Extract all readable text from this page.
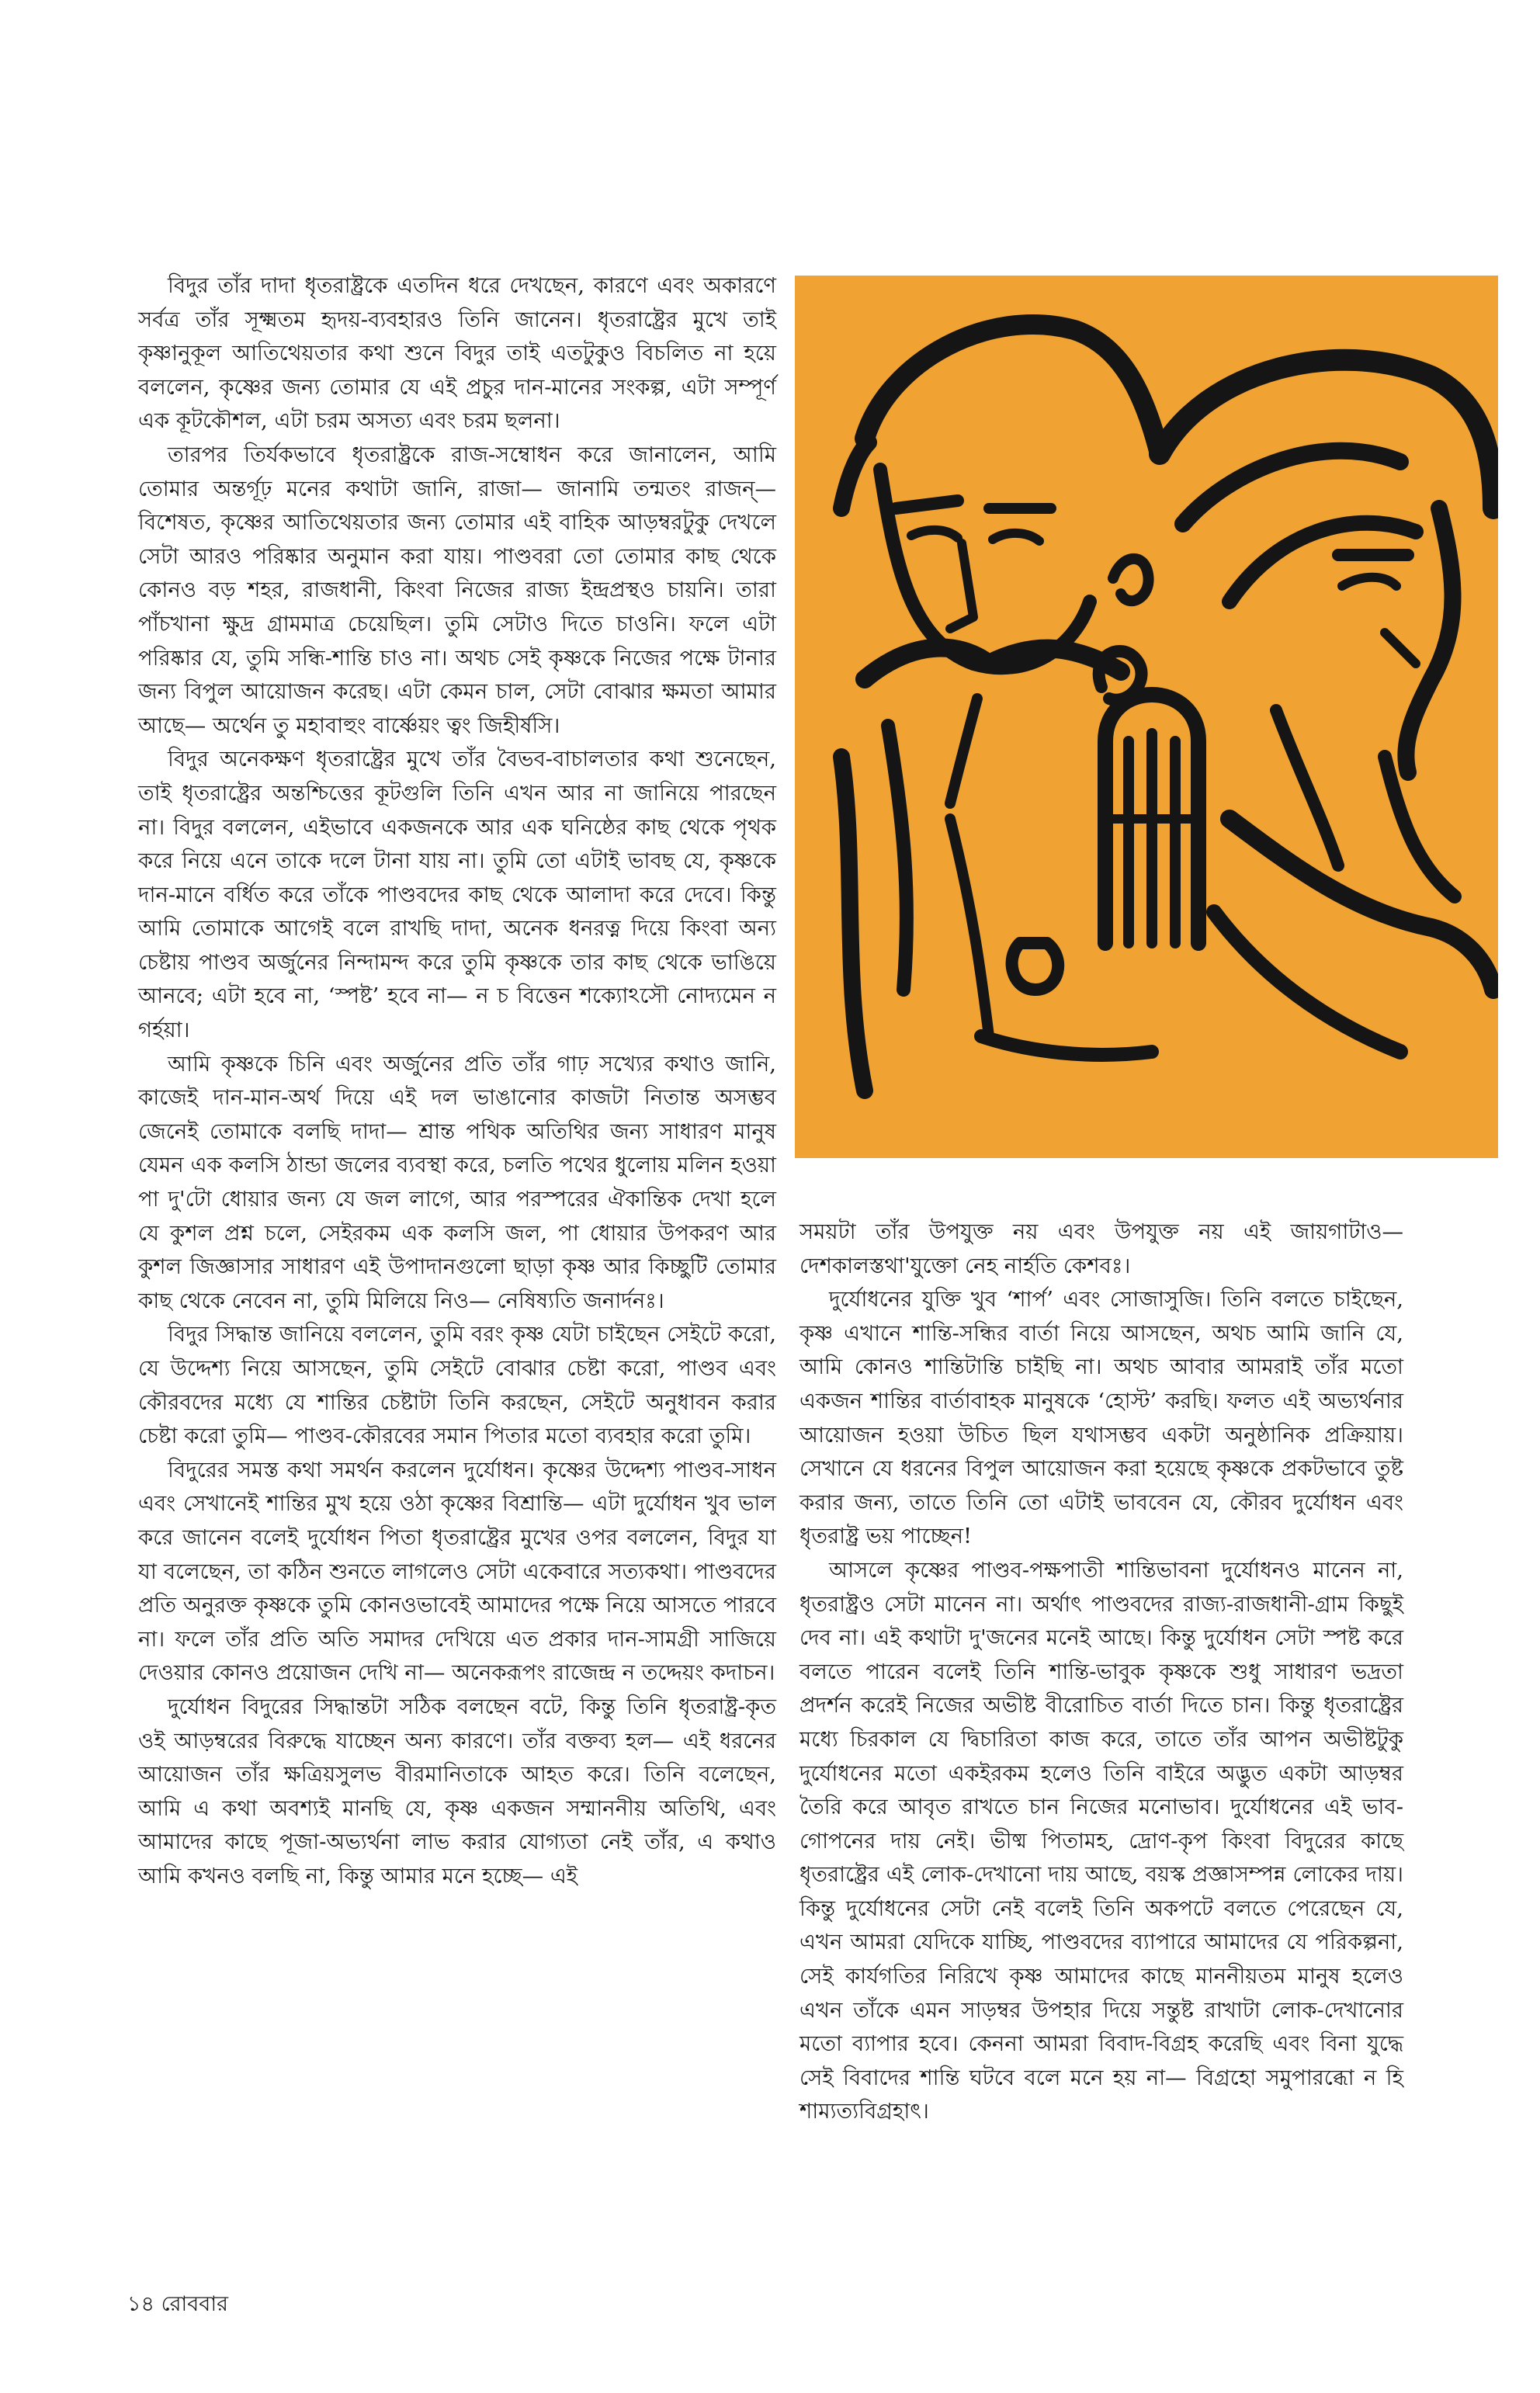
বিদুর তাঁর দাদা ধৃতরাষ্ট্রকে এতদিন ধরে দেখছেন, কারণে এবং অকারণে সর্বত্র তাঁর সূক্ষ্মতম হৃদয়-ব্যবহারও তিনি জানেন। ধৃতরাষ্ট্রের মুখে তাই কৃষ্ণানুকূল আতিথেয়তার কথা শুনে বিদুর তাই এতটুকুও বিচলিত না হয়ে বললেন, কৃষ্ণের জন্য তোমার যে এই প্রচুর দান-মানের সংকল্প, এটা সম্পূর্ণ এক কূটকৌশল, এটা চরম অসত্য এবং চরম ছলনা।

তারপর তির্যকভাবে ধৃতরাষ্ট্রকে রাজ-সম্বোধন করে জানালেন, আমি তোমার অন্তর্গূঢ় মনের কথাটা জানি, রাজা— জানামি তন্মতং রাজন্— বিশেষত, কৃষ্ণের আতিথেয়তার জন্য তোমার এই বাহিক আড়ম্বরটুকু দেখলে সেটা আরও পরিষ্কার অনুমান করা যায়। পাণ্ডবরা তো তোমার কাছ থেকে কোনও বড় শহর, রাজধানী, কিংবা নিজের রাজ্য ইন্দ্রপ্রস্থও চায়নি। তারা পাঁচখানা ক্ষুদ্র গ্রামমাত্র চেয়েছিল। তুমি সেটাও দিতে চাওনি। ফলে এটা পরিষ্কার যে, তুমি সন্ধি-শান্তি চাও না। অথচ সেই কৃষ্ণকে নিজের পক্ষে টানার জন্য বিপুল আয়োজন করেছ। এটা কেমন চাল, সেটা বোঝার ক্ষমতা আমার আছে— অর্থেন তু মহাবাহুং বার্ষ্ণেয়ং ত্বং জিহীর্ষসি।

বিদুর অনেকক্ষণ ধৃতরাষ্ট্রের মুখে তাঁর বৈভব-বাচালতার কথা শুনেছেন, তাই ধৃতরাষ্ট্রের অন্তশ্চিত্তের কূটগুলি তিনি এখন আর না জানিয়ে পারছেন না। বিদুর বললেন, এইভাবে একজনকে আর এক ঘনিষ্ঠের কাছ থেকে পৃথক করে নিয়ে এনে তাকে দলে টানা যায় না। তুমি তো এটাই ভাবছ যে, কৃষ্ণকে দান-মানে বর্ধিত করে তাঁকে পাণ্ডবদের কাছ থেকে আলাদা করে দেবে। কিন্তু আমি তোমাকে আগেই বলে রাখছি দাদা, অনেক ধনরত্ন দিয়ে কিংবা অন্য চেষ্টায় পাণ্ডব অর্জুনের নিন্দামন্দ করে তুমি কৃষ্ণকে তার কাছ থেকে ভাঙিয়ে আনবে; এটা হবে না, ‘স্পষ্ট’ হবে না— ন চ বিত্তেন শক্যোঽসৌ নোদ্যমেন ন গর্হয়া।

আমি কৃষ্ণকে চিনি এবং অর্জুনের প্রতি তাঁর গাঢ় সখ্যের কথাও জানি, কাজেই দান-মান-অর্থ দিয়ে এই দল ভাঙানোর কাজটা নিতান্ত অসম্ভব জেনেই তোমাকে বলছি দাদা— শ্রান্ত পথিক অতিথির জন্য সাধারণ মানুষ যেমন এক কলসি ঠান্ডা জলের ব্যবস্থা করে, চলতি পথের ধুলোয় মলিন হওয়া পা দু'টো ধোয়ার জন্য যে জল লাগে, আর পরস্পরের ঐকান্তিক দেখা হলে যে কুশল প্রশ্ন চলে, সেইরকম এক কলসি জল, পা ধোয়ার উপকরণ আর কুশল জিজ্ঞাসার সাধারণ এই উপাদানগুলো ছাড়া কৃষ্ণ আর কিচ্ছুটি তোমার কাছ থেকে নেবেন না, তুমি মিলিয়ে নিও— নেষিষ্যতি জনার্দনঃ।

বিদুর সিদ্ধান্ত জানিয়ে বললেন, তুমি বরং কৃষ্ণ যেটা চাইছেন সেইটে করো, যে উদ্দেশ্য নিয়ে আসছেন, তুমি সেইটে বোঝার চেষ্টা করো, পাণ্ডব এবং কৌরবদের মধ্যে যে শান্তির চেষ্টাটা তিনি করছেন, সেইটে অনুধাবন করার চেষ্টা করো তুমি— পাণ্ডব-কৌরবের সমান পিতার মতো ব্যবহার করো তুমি।

বিদুরের সমস্ত কথা সমর্থন করলেন দুর্যোধন। কৃষ্ণের উদ্দেশ্য পাণ্ডব-সাধন এবং সেখানেই শান্তির মুখ হয়ে ওঠা কৃষ্ণের বিশ্রান্তি— এটা দুর্যোধন খুব ভাল করে জানেন বলেই দুর্যোধন পিতা ধৃতরাষ্ট্রের মুখের ওপর বললেন, বিদুর যা যা বলেছেন, তা কঠিন শুনতে লাগলেও সেটা একেবারে সত্যকথা। পাণ্ডবদের প্রতি অনুরক্ত কৃষ্ণকে তুমি কোনওভাবেই আমাদের পক্ষে নিয়ে আসতে পারবে না। ফলে তাঁর প্রতি অতি সমাদর দেখিয়ে এত প্রকার দান-সামগ্রী সাজিয়ে দেওয়ার কোনও প্রয়োজন দেখি না— অনেকরূপং রাজেন্দ্র ন তদ্দেয়ং কদাচন।

দুর্যোধন বিদুরের সিদ্ধান্তটা সঠিক বলছেন বটে, কিন্তু তিনি ধৃতরাষ্ট্র-কৃত ওই আড়ম্বরের বিরুদ্ধে যাচ্ছেন অন্য কারণে। তাঁর বক্তব্য হল— এই ধরনের আয়োজন তাঁর ক্ষত্রিয়সুলভ বীরমানিতাকে আহত করে। তিনি বলেছেন, আমি এ কথা অবশ্যই মানছি যে, কৃষ্ণ একজন সম্মাননীয় অতিথি, এবং আমাদের কাছে পূজা-অভ্যর্থনা লাভ করার যোগ্যতা নেই তাঁর, এ কথাও আমি কখনও বলছি না, কিন্তু আমার মনে হচ্ছে— এই

সময়টা তাঁর উপযুক্ত নয় এবং উপযুক্ত নয় এই জায়গাটাও— দেশকালস্তথা'যুক্তো নেহ নার্হতি কেশবঃ।

দুর্যোধনের যুক্তি খুব ‘শার্প’ এবং সোজাসুজি। তিনি বলতে চাইছেন, কৃষ্ণ এখানে শান্তি-সন্ধির বার্তা নিয়ে আসছেন, অথচ আমি জানি যে, আমি কোনও শান্তিটান্তি চাইছি না। অথচ আবার আমরাই তাঁর মতো একজন শান্তির বার্তাবাহক মানুষকে ‘হোস্ট’ করছি। ফলত এই অভ্যর্থনার আয়োজন হওয়া উচিত ছিল যথাসম্ভব একটা অনুষ্ঠানিক প্রক্রিয়ায়। সেখানে যে ধরনের বিপুল আয়োজন করা হয়েছে কৃষ্ণকে প্রকটভাবে তুষ্ট করার জন্য, তাতে তিনি তো এটাই ভাববেন যে, কৌরব দুর্যোধন এবং ধৃতরাষ্ট্র ভয় পাচ্ছেন!

আসলে কৃষ্ণের পাণ্ডব-পক্ষপাতী শান্তিভাবনা দুর্যোধনও মানেন না, ধৃতরাষ্ট্রও সেটা মানেন না। অর্থাৎ পাণ্ডবদের রাজ্য-রাজধানী-গ্রাম কিছুই দেব না। এই কথাটা দু'জনের মনেই আছে। কিন্তু দুর্যোধন সেটা স্পষ্ট করে বলতে পারেন বলেই তিনি শান্তি-ভাবুক কৃষ্ণকে শুধু সাধারণ ভদ্রতা প্রদর্শন করেই নিজের অভীষ্ট বীরোচিত বার্তা দিতে চান। কিন্তু ধৃতরাষ্ট্রের মধ্যে চিরকাল যে দ্বিচারিতা কাজ করে, তাতে তাঁর আপন অভীষ্টটুকু দুর্যোধনের মতো একইরকম হলেও তিনি বাইরে অদ্ভুত একটা আড়ম্বর তৈরি করে আবৃত রাখতে চান নিজের মনোভাব। দুর্যোধনের এই ভাব-গোপনের দায় নেই। ভীষ্ম পিতামহ, দ্রোণ-কৃপ কিংবা বিদুরের কাছে ধৃতরাষ্ট্রের এই লোক-দেখানো দায় আছে, বয়স্ক প্রজ্ঞাসম্পন্ন লোকের দায়। কিন্তু দুর্যোধনের সেটা নেই বলেই তিনি অকপটে বলতে পেরেছেন যে, এখন আমরা যেদিকে যাচ্ছি, পাণ্ডবদের ব্যাপারে আমাদের যে পরিকল্পনা, সেই কার্যগতির নিরিখে কৃষ্ণ আমাদের কাছে মাননীয়তম মানুষ হলেও এখন তাঁকে এমন সাড়ম্বর উপহার দিয়ে সন্তুষ্ট রাখাটা লোক-দেখানোর মতো ব্যাপার হবে। কেননা আমরা বিবাদ-বিগ্রহ করেছি এবং বিনা যুদ্ধে সেই বিবাদের শান্তি ঘটবে বলে মনে হয় না— বিগ্রহো সমুপারব্ধো ন হি শাম্যত্যবিগ্রহাৎ।

১৪ রোববার
